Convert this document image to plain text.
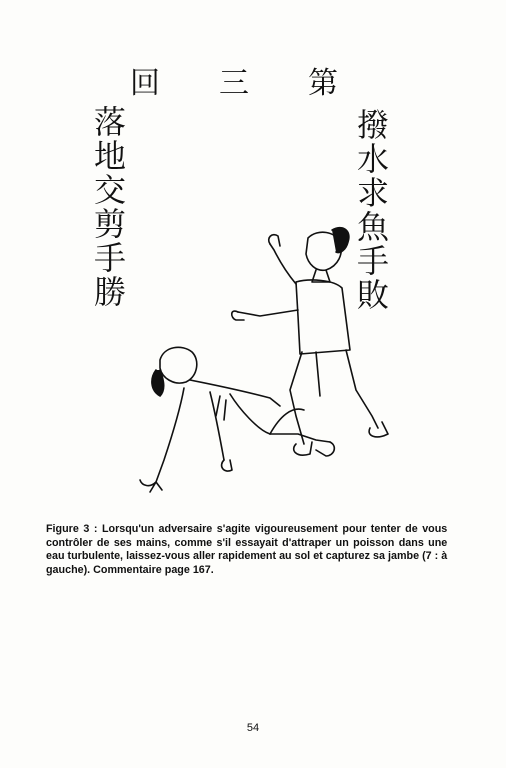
回 三 第
落地交剪手勝	撥水求魚手敗

Figure 3 : Lorsqu'un adversaire s'agite vigoureusement pour tenter de vous contrôler de ses mains, comme s'il essayait d'attraper un poisson dans une eau turbulente, laissez-vous aller rapidement au sol et capturez sa jambe (7 : à gauche). Commentaire page 167.

54
